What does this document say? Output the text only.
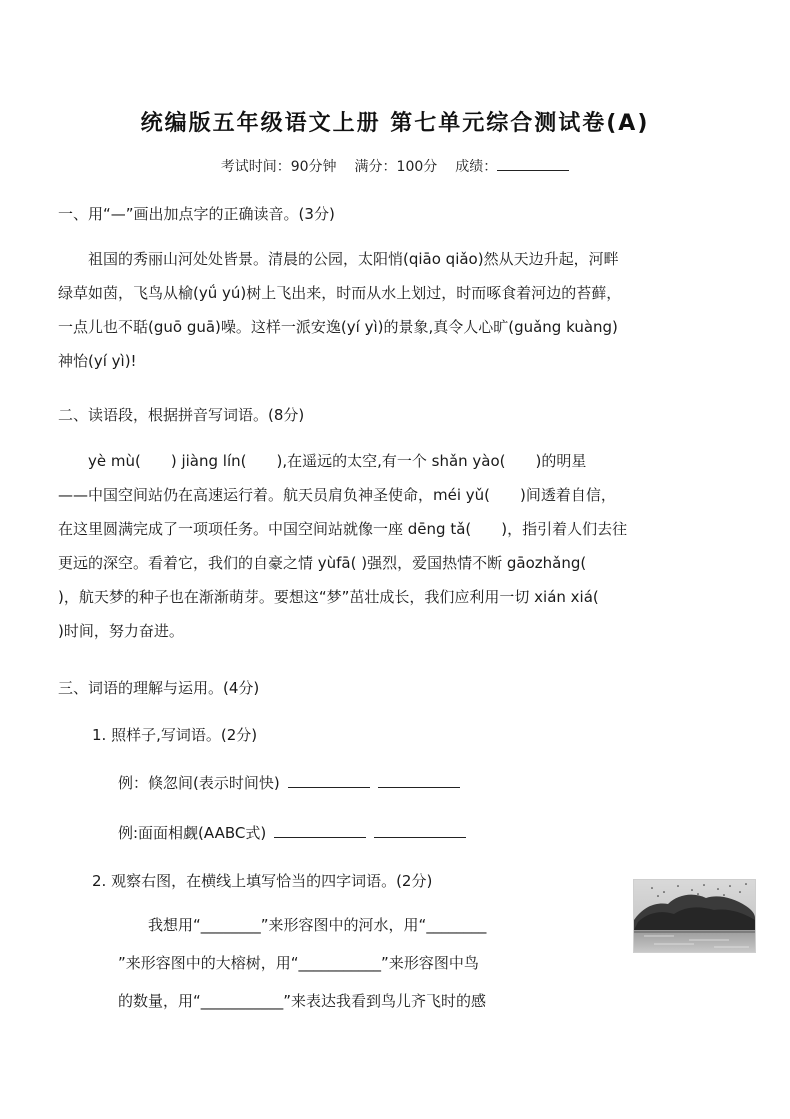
统编版五年级语文上册 第七单元综合测试卷(A)
考试时间：90分钟 满分：100分 成绩：
一、用“—”画出加点字的正确读音。(3分)
祖国的秀丽山河处处皆景。清晨的公园，太阳悄(qiāo qiǎo)然从天边升起，河畔
绿草如茵，飞鸟从榆(yǘ yú)树上飞出来，时而从水上划过，时而啄食着河边的苔藓，
一点儿也不聒(guō guā)噪。这样一派安逸(yí yì)的景象,真令人心旷(guǎng kuàng)
神怡(yí yì)!
二、读语段，根据拼音写词语。(8分)
yè mù(　　) jiàng lín(　　),在遥远的太空,有一个 shǎn yào(　　)的明星
——中国空间站仍在高速运行着。航天员肩负神圣使命，méi yǔ(　　)间透着自信，
在这里圆满完成了一项项任务。中国空间站就像一座 dēng tǎ(　　)，指引着人们去往
更远的深空。看着它，我们的自豪之情 yùfā( )强烈，爱国热情不断 gāozhǎng(
)，航天梦的种子也在渐渐萌芽。要想这“梦”茁壮成长，我们应利用一切 xián xiá(
)时间，努力奋进。
三、词语的理解与运用。(4分)
1. 照样子,写词语。(2分)
例：倏忽间(表示时间快)
例:面面相觑(AABC式)
2. 观察右图，在横线上填写恰当的四字词语。(2分)
我想用“________”来形容图中的河水，用“________
”来形容图中的大榕树，用“___________”来形容图中鸟
的数量，用“___________”来表达我看到鸟儿齐飞时的感
